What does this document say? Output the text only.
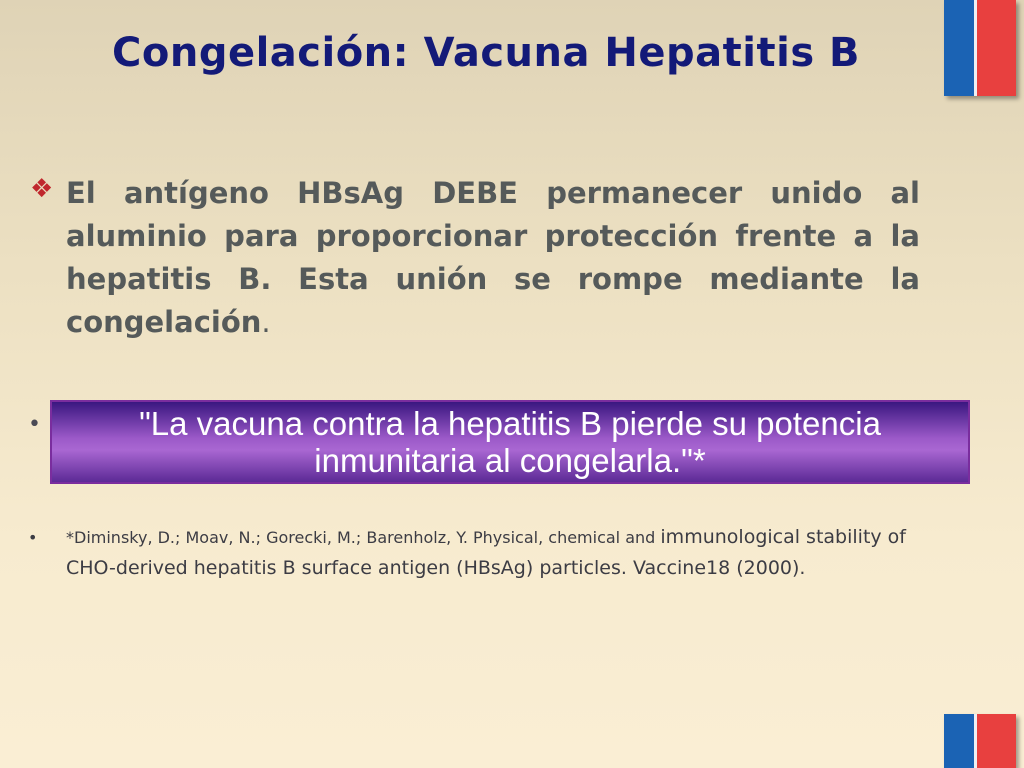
Congelación: Vacuna Hepatitis B
❖ El antígeno HBsAg DEBE permanecer unido al aluminio para proporcionar protección frente a la hepatitis B. Esta unión se rompe mediante la congelación.
•	"La vacuna contra la hepatitis B pierde su potencia inmunitaria al congelarla."*
• *Diminsky, D.; Moav, N.; Gorecki, M.; Barenholz, Y. Physical, chemical and immunological stability of CHO-derived hepatitis B surface antigen (HBsAg) particles. Vaccine18 (2000).
